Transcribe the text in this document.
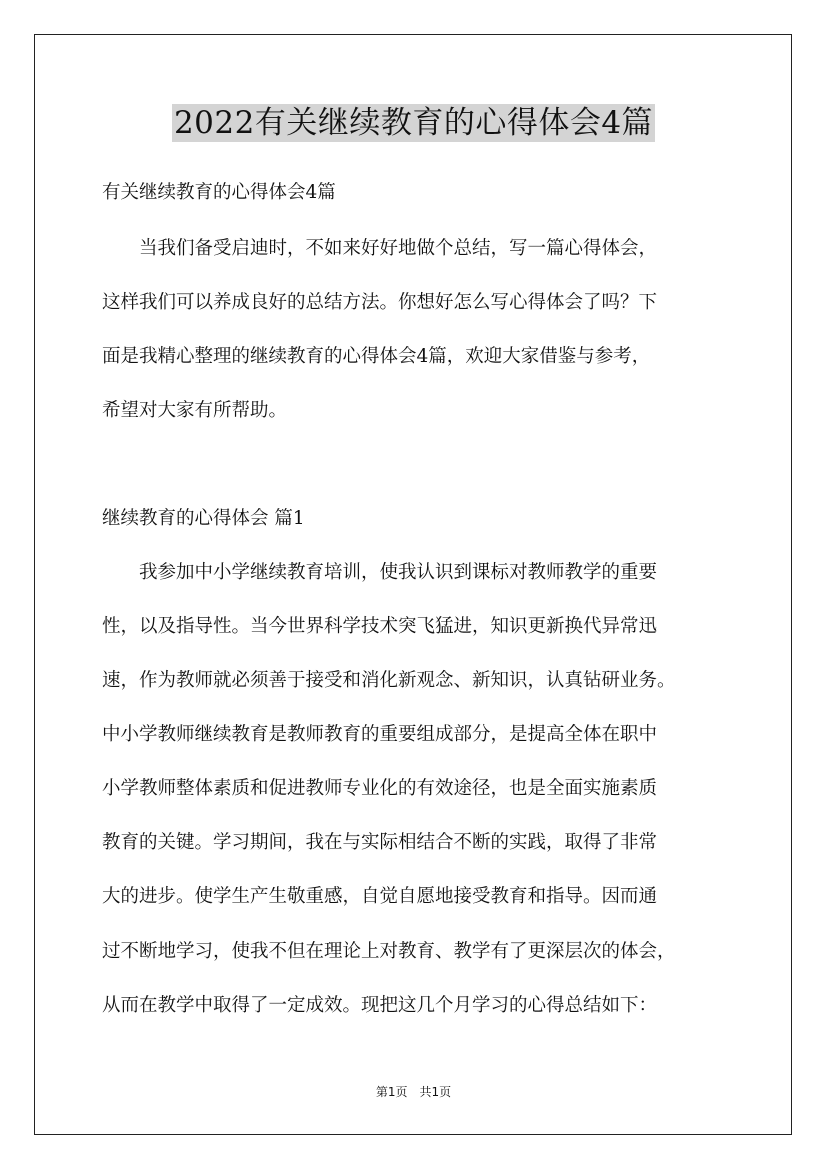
2022有关继续教育的心得体会4篇
有关继续教育的心得体会4篇
　　当我们备受启迪时，不如来好好地做个总结，写一篇心得体会，
这样我们可以养成良好的总结方法。你想好怎么写心得体会了吗？下
面是我精心整理的继续教育的心得体会4篇，欢迎大家借鉴与参考，
希望对大家有所帮助。
继续教育的心得体会 篇1
　　我参加中小学继续教育培训，使我认识到课标对教师教学的重要
性，以及指导性。当今世界科学技术突飞猛进，知识更新换代异常迅
速，作为教师就必须善于接受和消化新观念、新知识，认真钻研业务。
中小学教师继续教育是教师教育的重要组成部分，是提高全体在职中
小学教师整体素质和促进教师专业化的有效途径，也是全面实施素质
教育的关键。学习期间，我在与实际相结合不断的实践，取得了非常
大的进步。使学生产生敬重感，自觉自愿地接受教育和指导。因而通
过不断地学习，使我不但在理论上对教育、教学有了更深层次的体会，
从而在教学中取得了一定成效。现把这几个月学习的心得总结如下：
第1页　共1页
